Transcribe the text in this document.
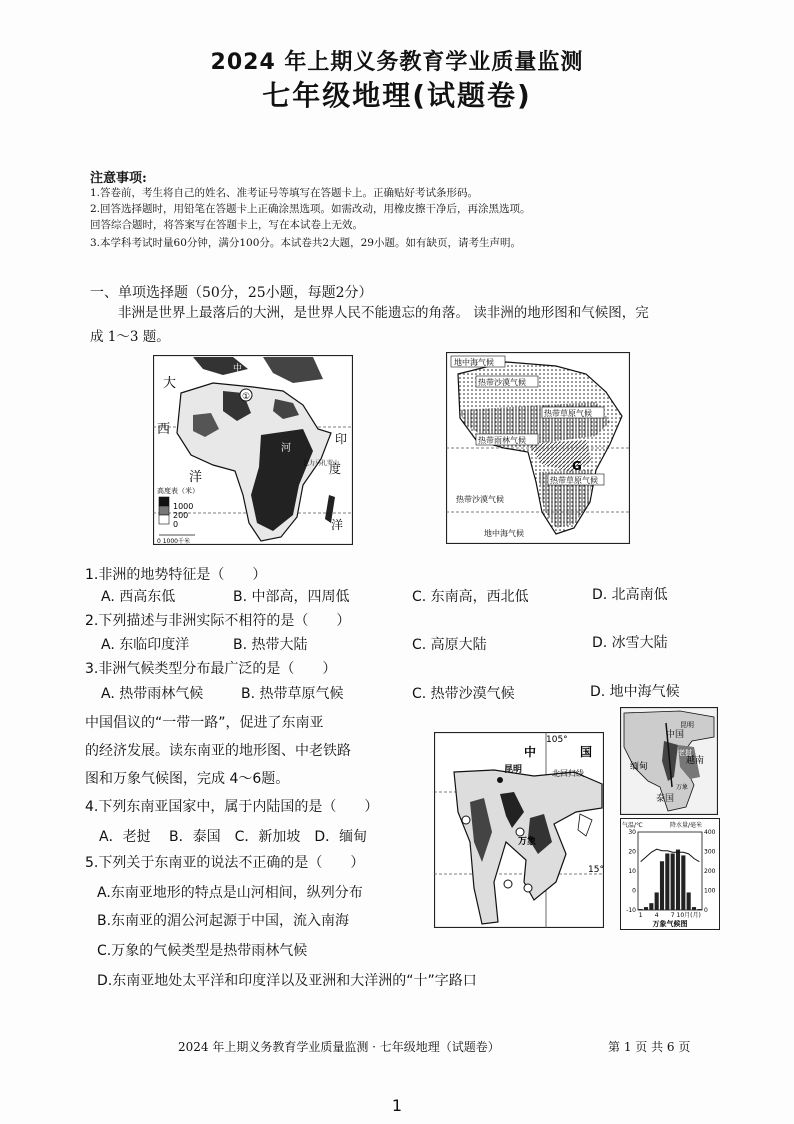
2024 年上期义务教育学业质量监测
七年级地理(试题卷)
注意事项:
1.答卷前，考生将自己的姓名、准考证号等填写在答题卡上。正确贴好考试条形码。
2.回答选择题时，用铅笔在答题卡上正确涂黑选项。如需改动，用橡皮擦干净后，再涂黑选项。
回答综合题时，将答案写在答题卡上，写在本试卷上无效。
3.本学科考试时量60分钟，满分100分。本试卷共2大题，29小题。如有缺页，请考生声明。
一、单项选择题（50分，25小题，每题2分）
非洲是世界上最落后的大洲，是世界人民不能遗忘的角落。 读非洲的地形图和气候图，完
成 1～3 题。
①
大
中
西
洋
河
印
度
洋
乞力马扎罗山
高度表（米）
1000
200
0
0 1000千米
地中海气候
热带沙漠气候
热带草原气候
热带雨林气候
热带草原气候
热带沙漠气候
地中海气候
G
1.非洲的地势特征是（　　）
A. 西高东低	B. 中部高，四周低	C. 东南高，西北低	D. 北高南低
2.下列描述与非洲实际不相符的是（　　）
A. 东临印度洋	B. 热带大陆	C. 高原大陆	D. 冰雪大陆
3.非洲气候类型分布最广泛的是（　　）
A. 热带雨林气候	B. 热带草原气候	C. 热带沙漠气候	D. 地中海气候
中国倡议的“一带一路”，促进了东南亚
的经济发展。读东南亚的地形图、中老铁路
图和万象气候图，完成 4～6题。
中	国
105°
昆明	北回归线
万象
15°
中国
昆明
缅甸
越南
老挝
泰国
万象
气温/℃	降水量/毫米
30
20
10
0
-10
400
300
200
100
0
1 4 7 10月(月)
万象气候图
4.下列东南亚国家中，属于内陆国的是（　　）
A．老挝　 B．泰国　C．新加坡　D．缅甸
5.下列关于东南亚的说法不正确的是（　　）
A.东南亚地形的特点是山河相间，纵列分布
B.东南亚的湄公河起源于中国，流入南海
C.万象的气候类型是热带雨林气候
D.东南亚地处太平洋和印度洋以及亚洲和大洋洲的“十”字路口
2024 年上期义务教育学业质量监测 · 七年级地理（试题卷）	第 1 页 共 6 页
1
